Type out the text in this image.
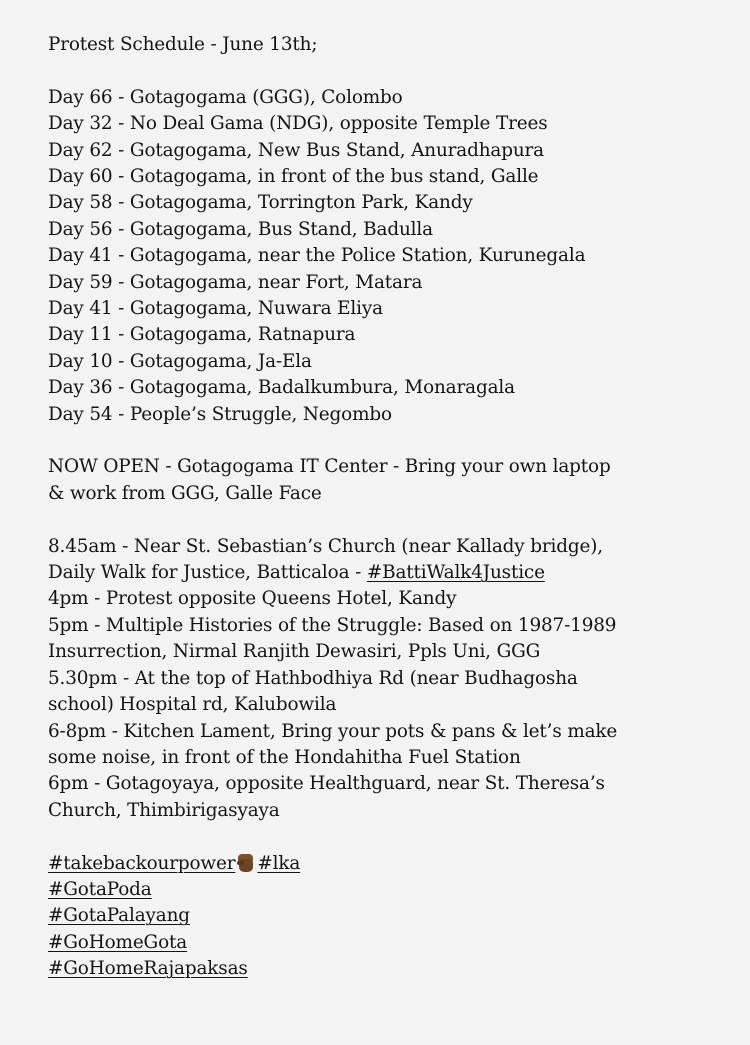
Protest Schedule - June 13th;
Day 66 - Gotagogama (GGG), Colombo
Day 32 - No Deal Gama (NDG), opposite Temple Trees
Day 62 - Gotagogama, New Bus Stand, Anuradhapura
Day 60 - Gotagogama, in front of the bus stand, Galle
Day 58 - Gotagogama, Torrington Park, Kandy
Day 56 - Gotagogama, Bus Stand, Badulla
Day 41 - Gotagogama, near the Police Station, Kurunegala
Day 59 - Gotagogama, near Fort, Matara
Day 41 - Gotagogama, Nuwara Eliya
Day 11 - Gotagogama, Ratnapura
Day 10 - Gotagogama, Ja-Ela
Day 36 - Gotagogama, Badalkumbura, Monaragala
Day 54 - People’s Struggle, Negombo
NOW OPEN - Gotagogama IT Center - Bring your own laptop
& work from GGG, Galle Face
8.45am - Near St. Sebastian’s Church (near Kallady bridge),
Daily Walk for Justice, Batticaloa - #BattiWalk4Justice
4pm - Protest opposite Queens Hotel, Kandy
5pm - Multiple Histories of the Struggle: Based on 1987-1989
Insurrection, Nirmal Ranjith Dewasiri, Ppls Uni, GGG
5.30pm - At the top of Hathbodhiya Rd (near Budhagosha
school) Hospital rd, Kalubowila
6-8pm - Kitchen Lament, Bring your pots & pans & let’s make
some noise, in front of the Hondahitha Fuel Station
6pm - Gotagoyaya, opposite Healthguard, near St. Theresa’s
Church, Thimbirigasyaya
#takebackourpower #lka
#GotaPoda
#GotaPalayang
#GoHomeGota
#GoHomeRajapaksas
